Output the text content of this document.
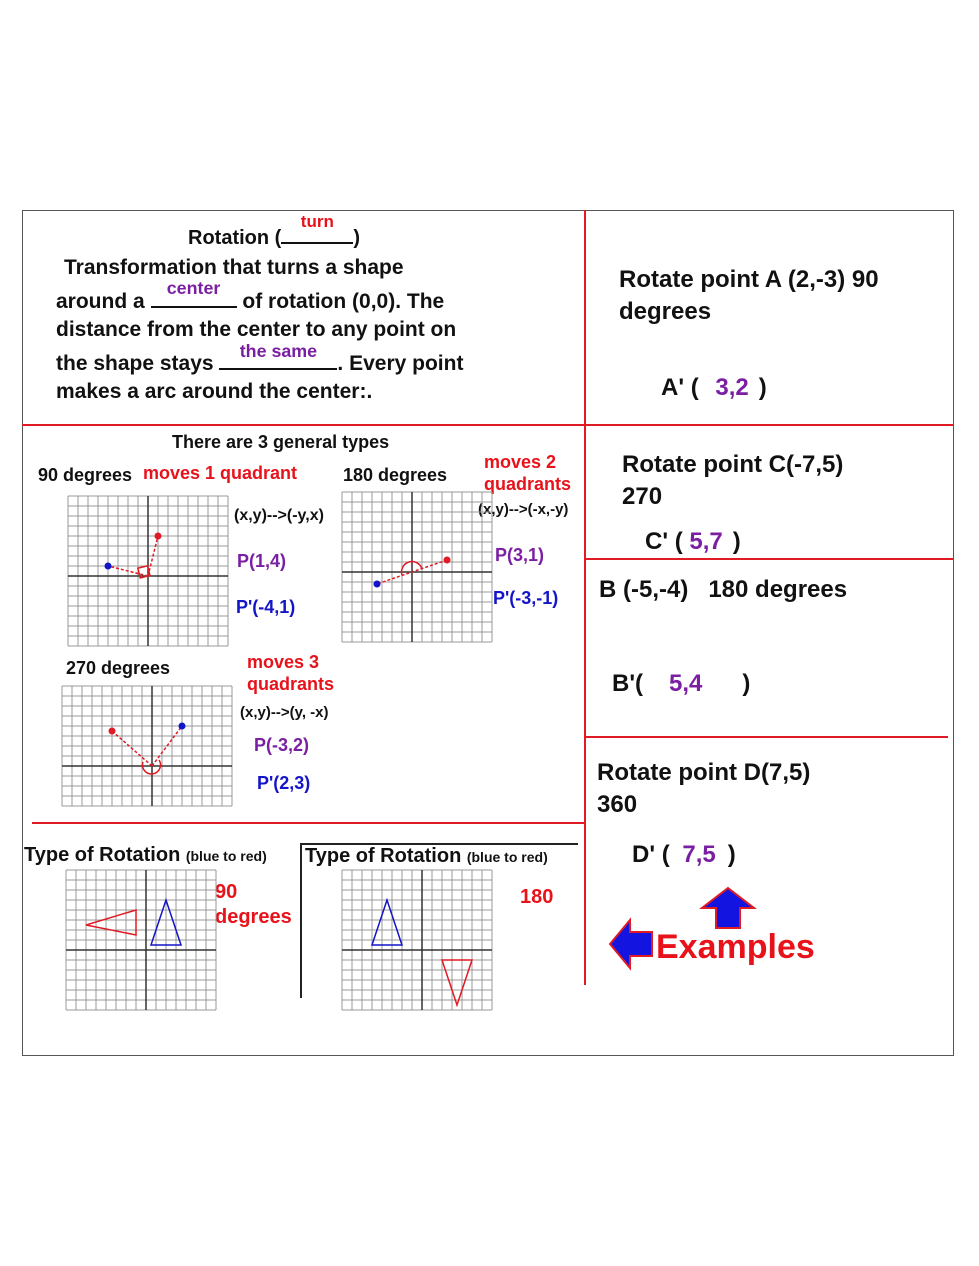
Rotation (
turn
)
Transformation that turns a shape
around a
center
of rotation (0,0). The
distance from the center to any point on
the shape stays
the same
. Every point
makes a arc around the center:.
There are 3 general types
90 degrees moves 1 quadrant
(x,y)-->(-y,x)
P(1,4)
P'(-4,1)
180 degrees
moves 2
quadrants
(x,y)-->(-x,-y)
P(3,1)
P'(-3,-1)
270 degrees	moves 3
quadrants
(x,y)-->(y, -x)
P(-3,2)
P'(2,3)
Type of Rotation (blue to red) Type of Rotation (blue to red)
90
degrees
180
Rotate point A (2,-3) 90
degrees
A' ( 3,2 )
Rotate point C(-7,5)
270
C' ( 5,7 )
B (-5,-4)   180 degrees
B'( 5,4 )
Rotate point D(7,5)
360
D' ( 7,5 )
Examples
